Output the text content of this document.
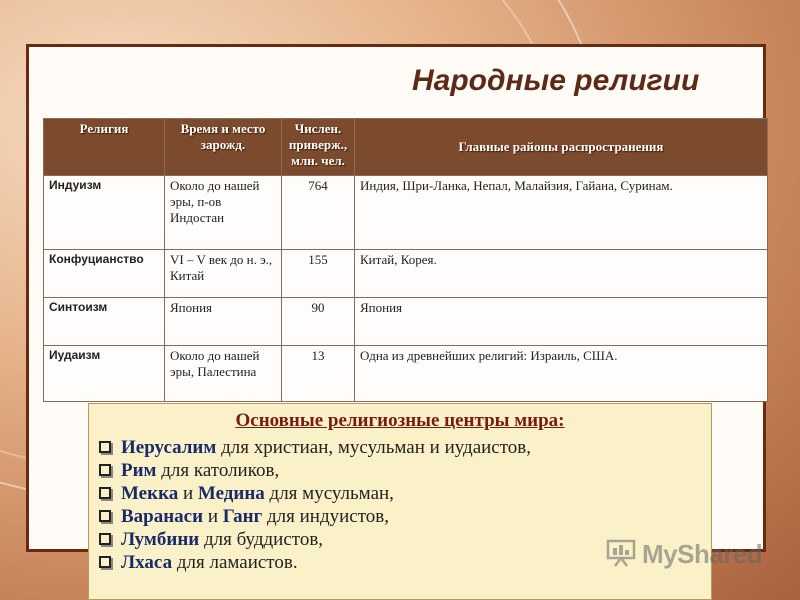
Народные религии
Религия	Время и место зарожд.	Числен. приверж., млн. чел.	Главные районы распространения
Индуизм	Около до нашей эры, п-ов Индостан	764	Индия, Шри-Ланка, Непал, Малайзия, Гайана, Суринам.
Конфуцианство	VI – V век до н. э., Китай	155	Китай, Корея.
Синтоизм	Япония	90	Япония
Иудаизм	Около до нашей эры, Палестина	13	Одна из древнейших религий: Израиль, США.
Основные религиозные центры мира:
Иерусалим для христиан, мусульман и иудаистов,
Рим для католиков,
Мекка и Медина для мусульман,
Варанаси и Ганг для индуистов,
Лумбини для буддистов,
Лхаса для ламаистов.	MyShared
